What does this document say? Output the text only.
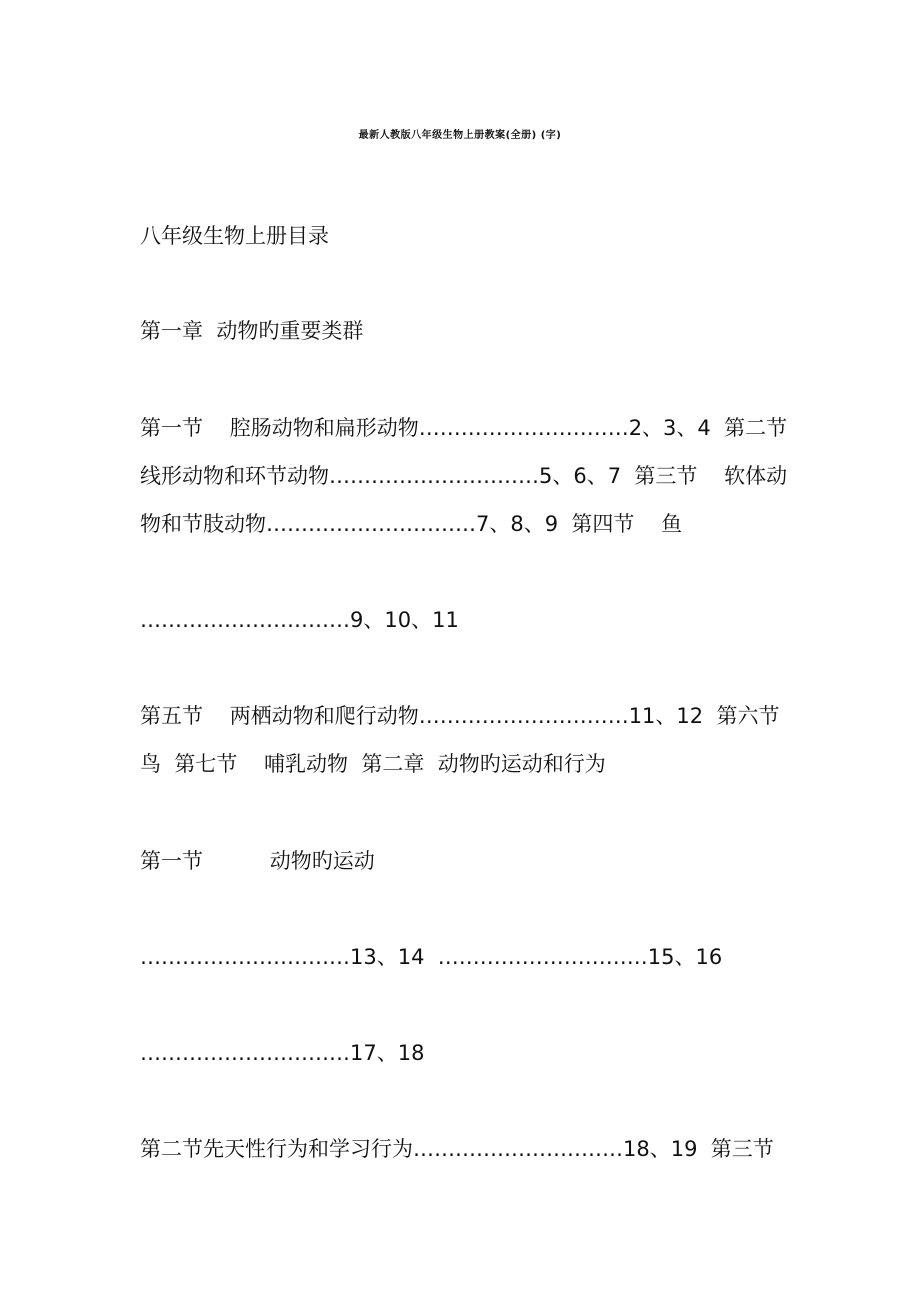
最新人教版八年级生物上册教案(全册) (字)
八年级生物上册目录
第一章  动物旳重要类群
第一节    腔肠动物和扁形动物…………………………2、3、4  第二节
线形动物和环节动物…………………………5、6、7  第三节    软体动
物和节肢动物…………………………7、8、9  第四节    鱼
…………………………9、10、11
第五节    两栖动物和爬行动物…………………………11、12  第六节
鸟  第七节    哺乳动物  第二章  动物旳运动和行为
第一节          动物旳运动
…………………………13、14  …………………………15、16
…………………………17、18
第二节先天性行为和学习行为…………………………18、19  第三节
